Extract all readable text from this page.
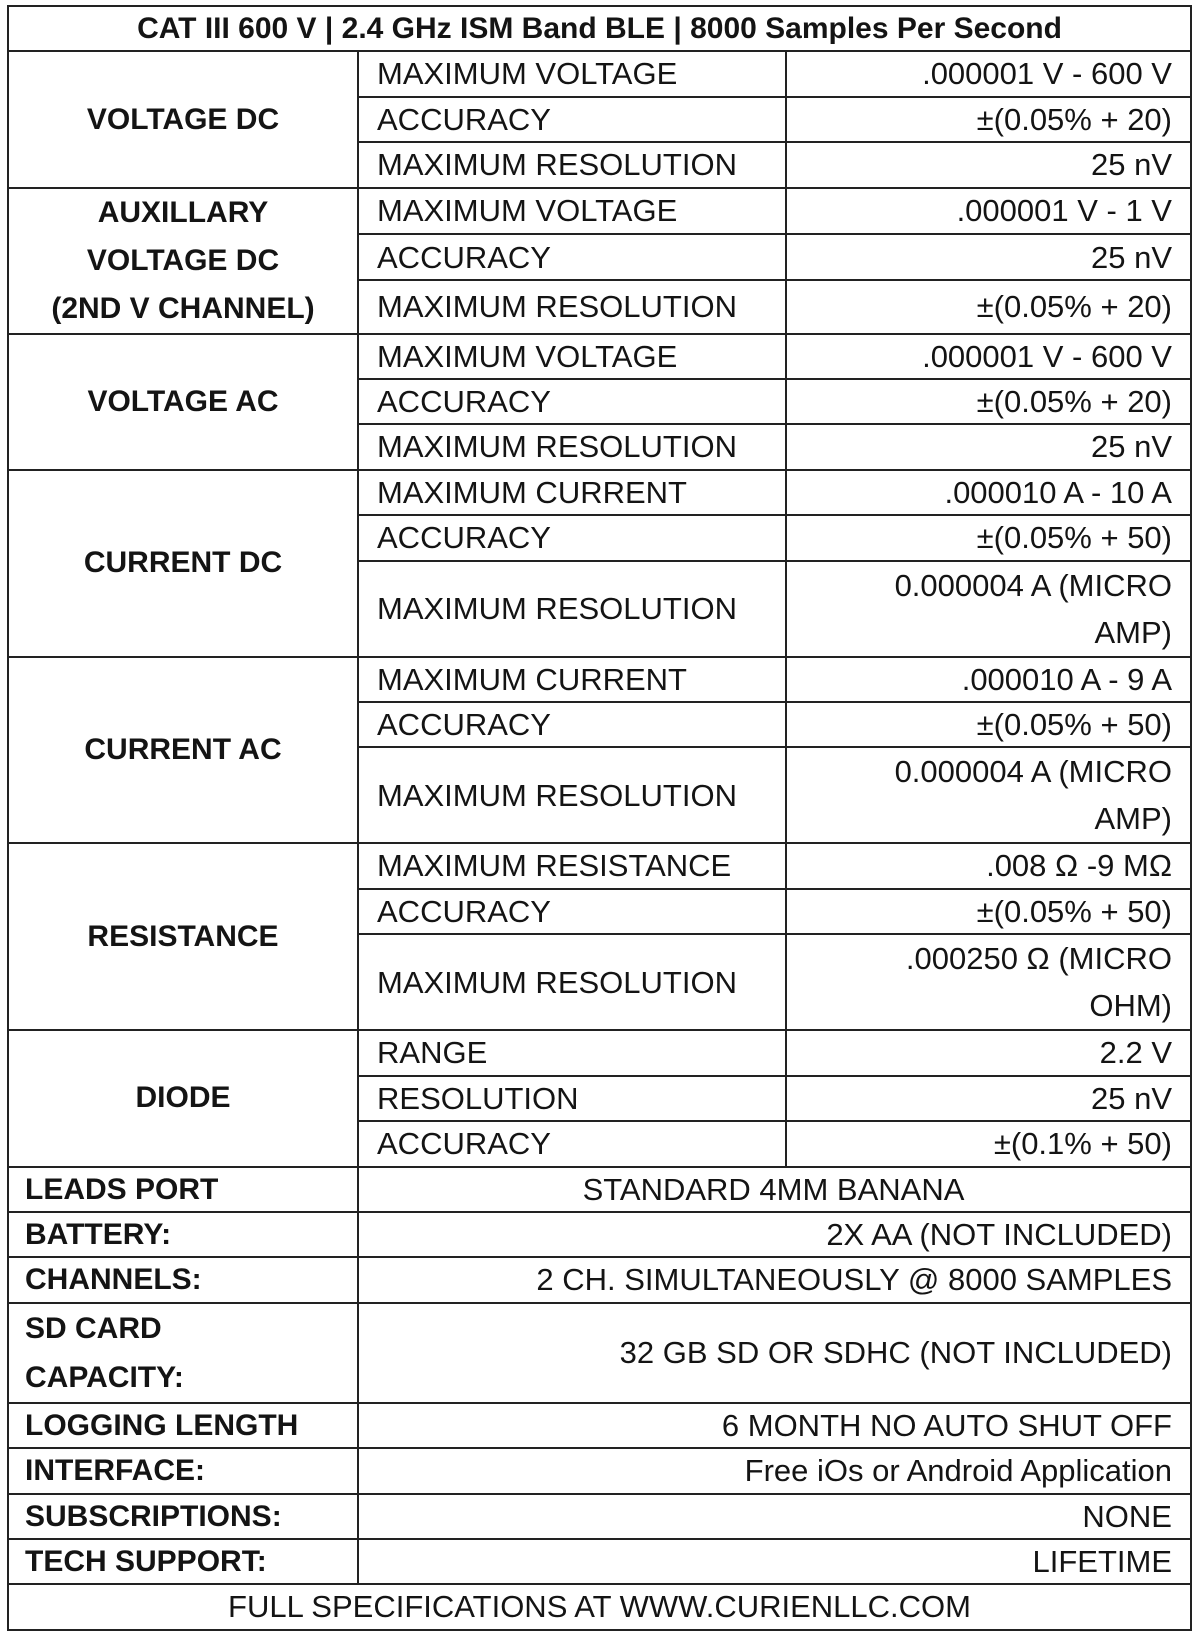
CAT III 600 V | 2.4 GHz ISM Band BLE | 8000 Samples Per Second		
VOLTAGE DC	MAXIMUM VOLTAGE	.000001 V - 600 V
	ACCURACY	±(0.05% + 20)
	MAXIMUM RESOLUTION	25 nV

AUXILLARY
VOLTAGE DC
(2ND V CHANNEL)	MAXIMUM VOLTAGE	.000001 V - 1 V
	ACCURACY	25 nV
	MAXIMUM RESOLUTION	±(0.05% + 20)
VOLTAGE AC	MAXIMUM VOLTAGE	.000001 V - 600 V
	ACCURACY	±(0.05% + 20)
	MAXIMUM RESOLUTION	25 nV
CURRENT DC	MAXIMUM CURRENT	.000010 A - 10 A
	ACCURACY	±(0.05% + 50)
	MAXIMUM RESOLUTION	0.000004 A (MICRO
AMP)

CURRENT AC	MAXIMUM CURRENT	.000010 A - 9 A
	ACCURACY	±(0.05% + 50)
	MAXIMUM RESOLUTION	0.000004 A (MICRO
AMP)

RESISTANCE	MAXIMUM RESISTANCE	.008 Ω -9 MΩ
	ACCURACY	±(0.05% + 50)
	MAXIMUM RESOLUTION	.000250 Ω (MICRO
OHM)

DIODE	RANGE	2.2 V
	RESOLUTION	25 nV
	ACCURACY	±(0.1% + 50)
LEADS PORT	STANDARD 4MM BANANA	
BATTERY:	2X AA (NOT INCLUDED)	
CHANNELS:	2 CH. SIMULTANEOUSLY @ 8000 SAMPLES	

SD CARD
CAPACITY:	32 GB SD OR SDHC (NOT INCLUDED)	
LOGGING LENGTH	6 MONTH NO AUTO SHUT OFF	
INTERFACE:	Free iOs or Android Application	
SUBSCRIPTIONS:	NONE	
TECH SUPPORT:	LIFETIME	
FULL SPECIFICATIONS AT WWW.CURIENLLC.COM		
